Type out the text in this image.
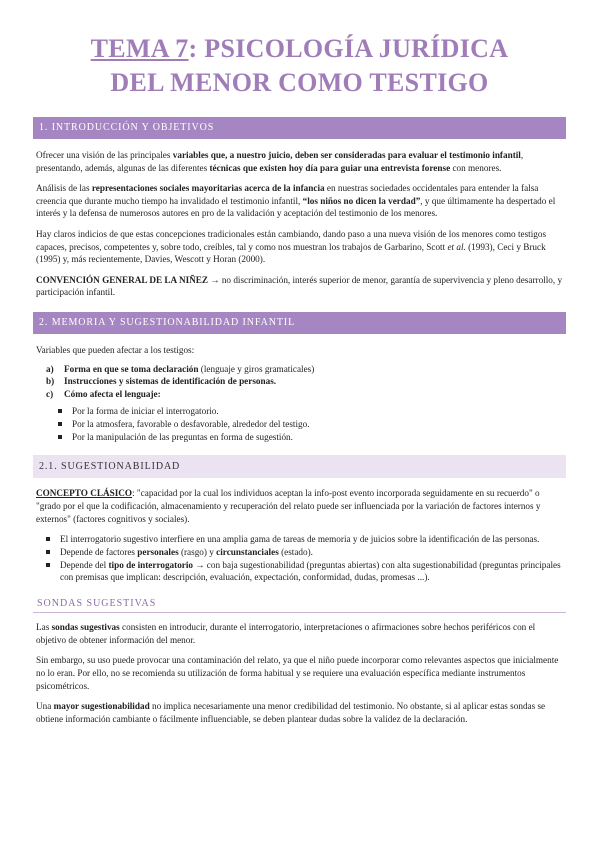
TEMA 7: PSICOLOGÍA JURÍDICA
DEL MENOR COMO TESTIGO
1. INTRODUCCIÓN Y OBJETIVOS

Ofrecer una visión de las principales variables que, a nuestro juicio, deben ser consideradas para evaluar el testimonio infantil, presentando, además, algunas de las diferentes técnicas que existen hoy día para guiar una entrevista forense con menores.

Análisis de las representaciones sociales mayoritarias acerca de la infancia en nuestras sociedades occidentales para entender la falsa creencia que durante mucho tiempo ha invalidado el testimonio infantil, “los niños no dicen la verdad”, y que últimamente ha despertado el interés y la defensa de numerosos autores en pro de la validación y aceptación del testimonio de los menores.

Hay claros indicios de que estas concepciones tradicionales están cambiando, dando paso a una nueva visión de los menores como testigos capaces, precisos, competentes y, sobre todo, creíbles, tal y como nos muestran los trabajos de Garbarino, Scott et al. (1993), Ceci y Bruck (1995) y, más recientemente, Davies, Wescott y Horan (2000).

CONVENCIÓN GENERAL DE LA NIÑEZ → no discriminación, interés superior de menor, garantía de supervivencia y pleno desarrollo, y participación infantil.

2. MEMORIA Y SUGESTIONABILIDAD INFANTIL

Variables que pueden afectar a los testigos:

a) Forma en que se toma declaración (lenguaje y giros gramaticales)
b) Instrucciones y sistemas de identificación de personas.
c) Cómo afecta el lenguaje:
Por la forma de iniciar el interrogatorio.
Por la atmosfera, favorable o desfavorable, alrededor del testigo.
Por la manipulación de las preguntas en forma de sugestión.
2.1. SUGESTIONABILIDAD

CONCEPTO CLÁSICO: "capacidad por la cual los individuos aceptan la info-post evento incorporada seguidamente en su recuerdo" o "grado por el que la codificación, almacenamiento y recuperación del relato puede ser influenciada por la variación de factores internos y externos" (factores cognitivos y sociales).

El interrogatorio sugestivo interfiere en una amplia gama de tareas de memoria y de juicios sobre la identificación de las personas.
Depende de factores personales (rasgo) y circunstanciales (estado).
Depende del tipo de interrogatorio → con baja sugestionabilidad (preguntas abiertas) con alta sugestionabilidad (preguntas principales con premisas que implican: descripción, evaluación, expectación, conformidad, dudas, promesas ...).
SONDAS SUGESTIVAS

Las sondas sugestivas consisten en introducir, durante el interrogatorio, interpretaciones o afirmaciones sobre hechos periféricos con el objetivo de obtener información del menor.

Sin embargo, su uso puede provocar una contaminación del relato, ya que el niño puede incorporar como relevantes aspectos que inicialmente no lo eran. Por ello, no se recomienda su utilización de forma habitual y se requiere una evaluación específica mediante instrumentos psicométricos.

Una mayor sugestionabilidad no implica necesariamente una menor credibilidad del testimonio. No obstante, si al aplicar estas sondas se obtiene información cambiante o fácilmente influenciable, se deben plantear dudas sobre la validez de la declaración.
